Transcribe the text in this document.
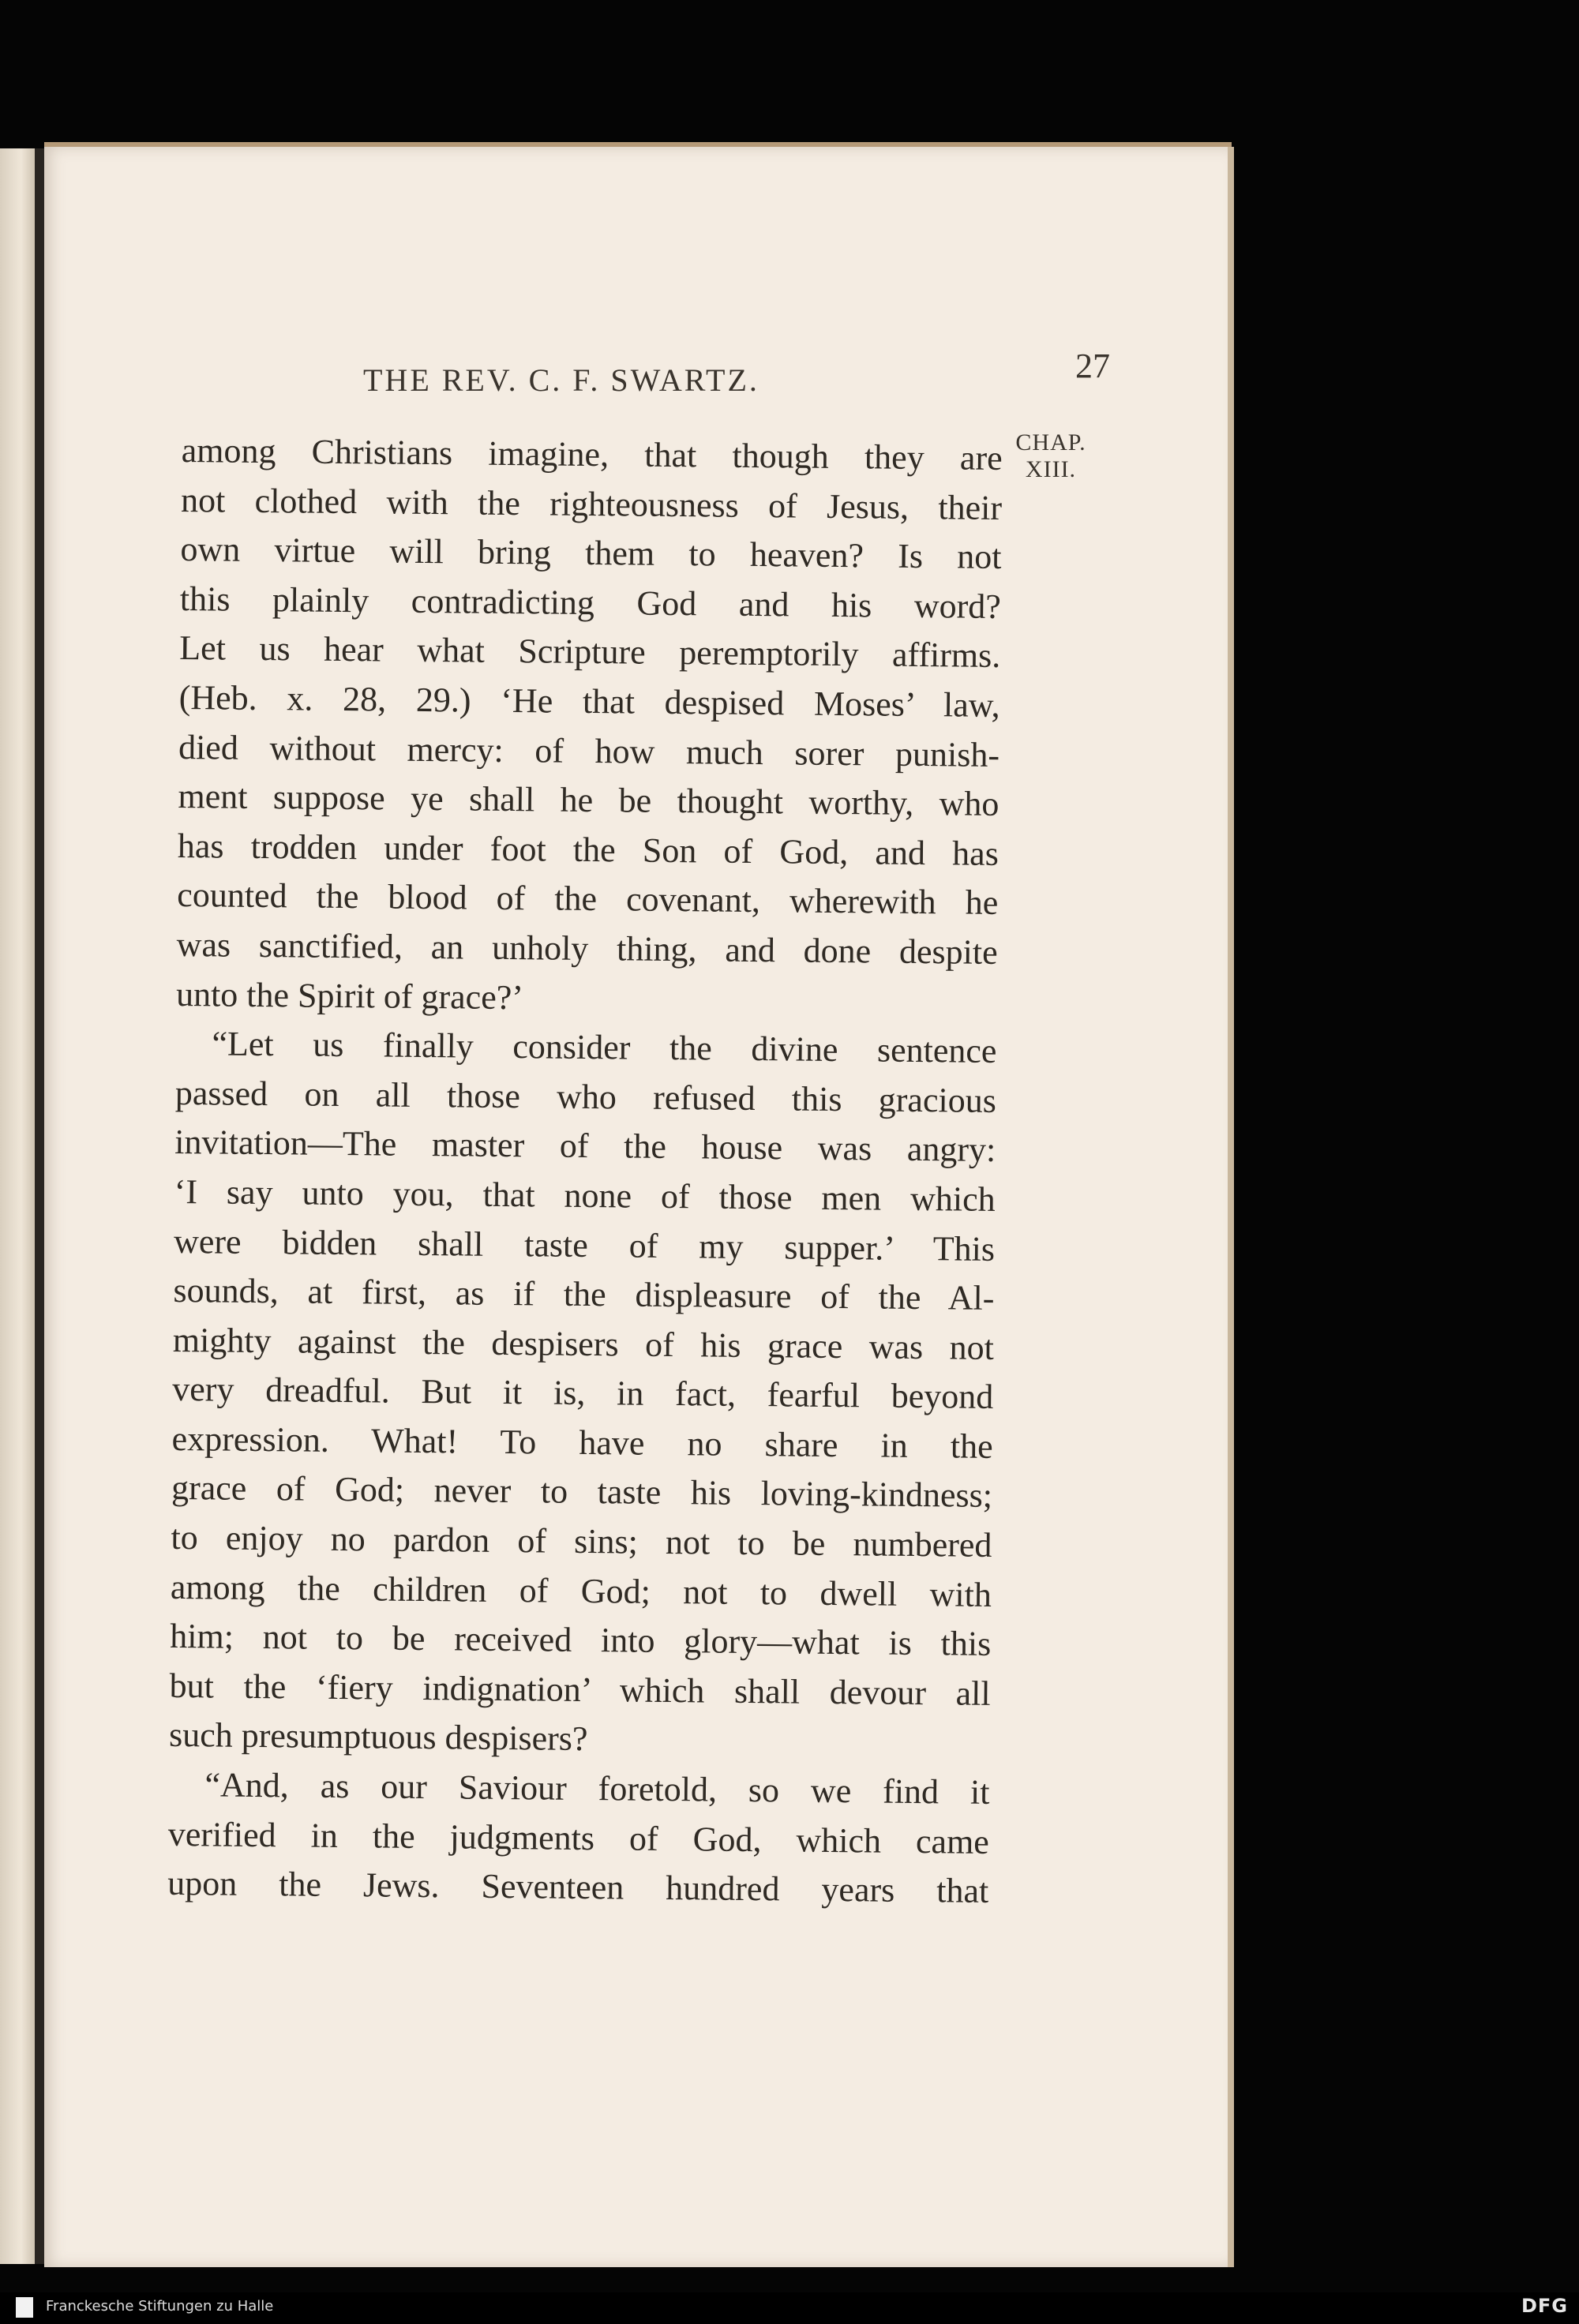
THE REV. C. F. SWARTZ.	27
CHAP.
XIII.
among Christians imagine, that though they are
not clothed with the righteousness of Jesus, their
own virtue will bring them to heaven? Is not
this plainly contradicting God and his word?
Let us hear what Scripture peremptorily affirms.
(Heb. x. 28, 29.) ‘He that despised Moses’ law,
died without mercy: of how much sorer punish-
ment suppose ye shall he be thought worthy, who
has trodden under foot the Son of God, and has
counted the blood of the covenant, wherewith he
was sanctified, an unholy thing, and done despite
unto the Spirit of grace?’
“Let us finally consider the divine sentence
passed on all those who refused this gracious
invitation—The master of the house was angry:
‘I say unto you, that none of those men which
were bidden shall taste of my supper.’ This
sounds, at first, as if the displeasure of the Al-
mighty against the despisers of his grace was not
very dreadful. But it is, in fact, fearful beyond
expression. What! To have no share in the
grace of God; never to taste his loving-kindness;
to enjoy no pardon of sins; not to be numbered
among the children of God; not to dwell with
him; not to be received into glory—what is this
but the ‘fiery indignation’ which shall devour all
such presumptuous despisers?
“And, as our Saviour foretold, so we find it
verified in the judgments of God, which came
upon the Jews. Seventeen hundred years that
Franckesche Stiftungen zu Halle	DFG
